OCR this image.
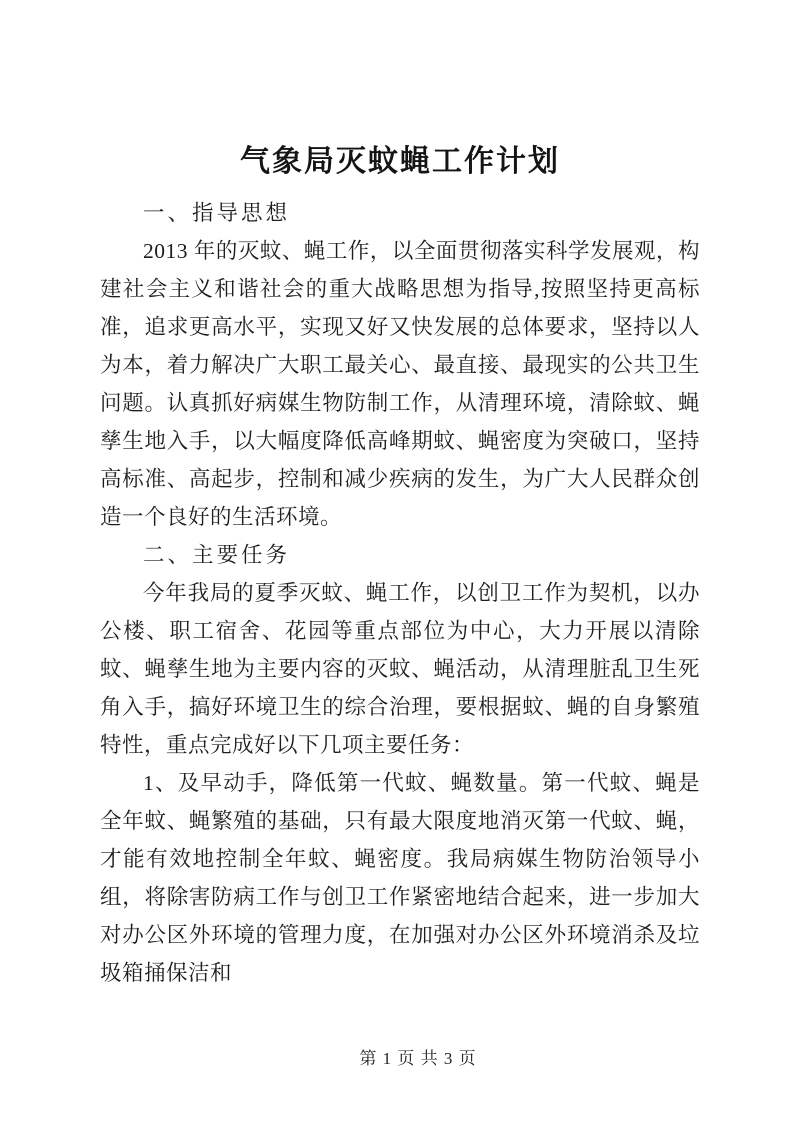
气象局灭蚊蝇工作计划

一、指导思想

2013 年的灭蚊、蝇工作，以全面贯彻落实科学发展观，构建社会主义和谐社会的重大战略思想为指导,按照坚持更高标准，追求更高水平，实现又好又快发展的总体要求，坚持以人为本，着力解决广大职工最关心、最直接、最现实的公共卫生问题。认真抓好病媒生物防制工作，从清理环境，清除蚊、蝇孳生地入手，以大幅度降低高峰期蚊、蝇密度为突破口，坚持高标准、高起步，控制和减少疾病的发生，为广大人民群众创造一个良好的生活环境。

二、主要任务

今年我局的夏季灭蚊、蝇工作，以创卫工作为契机，以办公楼、职工宿舍、花园等重点部位为中心，大力开展以清除蚊、蝇孳生地为主要内容的灭蚊、蝇活动，从清理脏乱卫生死角入手，搞好环境卫生的综合治理，要根据蚊、蝇的自身繁殖特性，重点完成好以下几项主要任务：

1、及早动手，降低第一代蚊、蝇数量。第一代蚊、蝇是全年蚊、蝇繁殖的基础，只有最大限度地消灭第一代蚊、蝇，才能有效地控制全年蚊、蝇密度。我局病媒生物防治领导小组，将除害防病工作与创卫工作紧密地结合起来，进一步加大对办公区外环境的管理力度，在加强对办公区外环境消杀及垃圾箱捅保洁和

第 1 页 共 3 页
